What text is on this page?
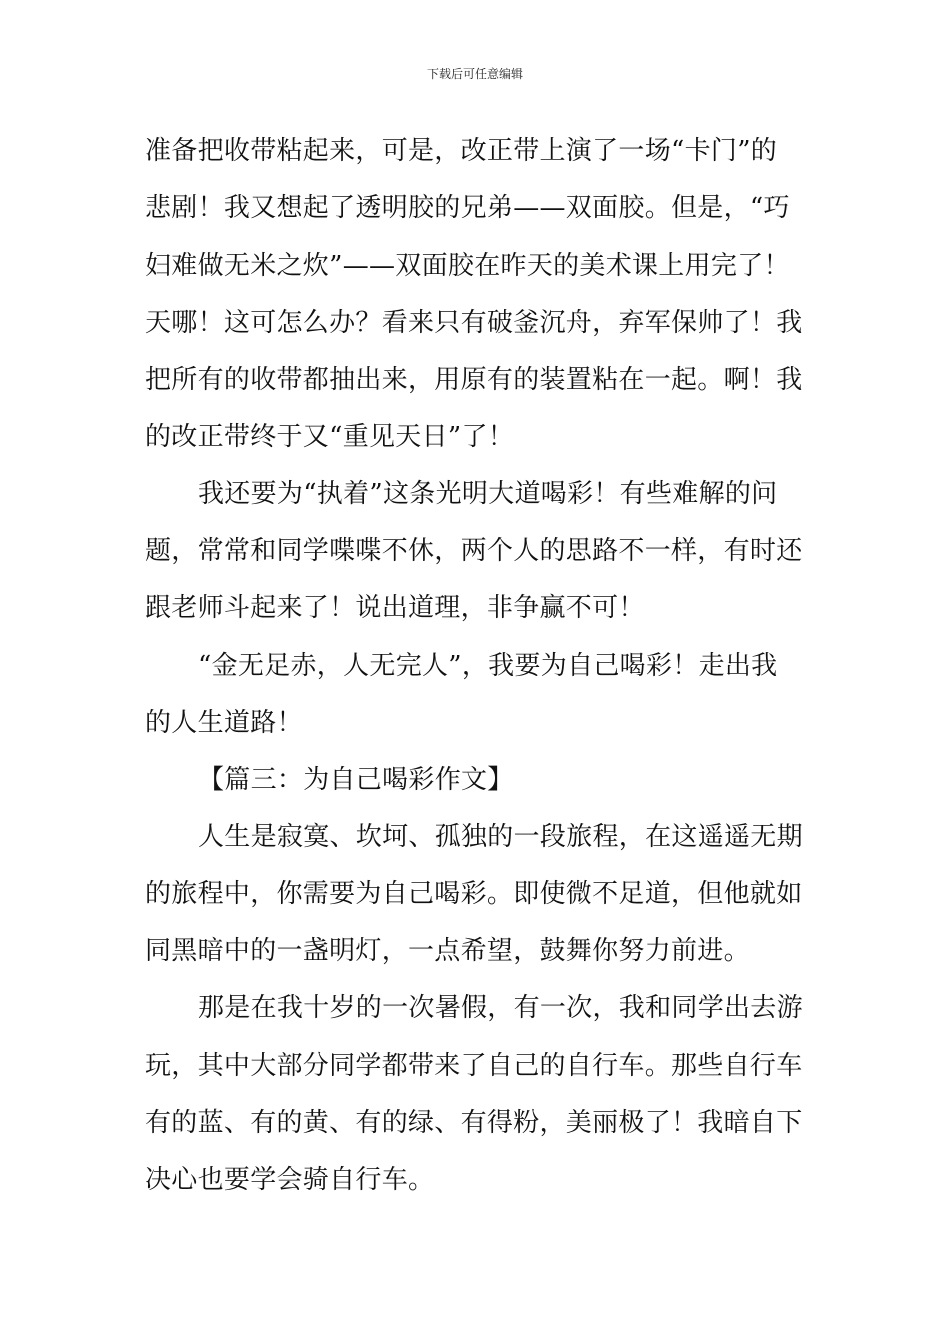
下载后可任意编辑
准备把收带粘起来，可是，改正带上演了一场“卡门”的
悲剧！我又想起了透明胶的兄弟——双面胶。但是，“巧
妇难做无米之炊”——双面胶在昨天的美术课上用完了！
天哪！这可怎么办？看来只有破釜沉舟，弃军保帅了！我
把所有的收带都抽出来，用原有的装置粘在一起。啊！我
的改正带终于又“重见天日”了！
我还要为“执着”这条光明大道喝彩！有些难解的问
题，常常和同学喋喋不休，两个人的思路不一样，有时还
跟老师斗起来了！说出道理，非争赢不可！
“金无足赤，人无完人”，我要为自己喝彩！走出我
的人生道路！
【篇三：为自己喝彩作文】
人生是寂寞、坎坷、孤独的一段旅程，在这遥遥无期
的旅程中，你需要为自己喝彩。即使微不足道，但他就如
同黑暗中的一盏明灯，一点希望，鼓舞你努力前进。
那是在我十岁的一次暑假，有一次，我和同学出去游
玩，其中大部分同学都带来了自己的自行车。那些自行车
有的蓝、有的黄、有的绿、有得粉，美丽极了！我暗自下
决心也要学会骑自行车。
